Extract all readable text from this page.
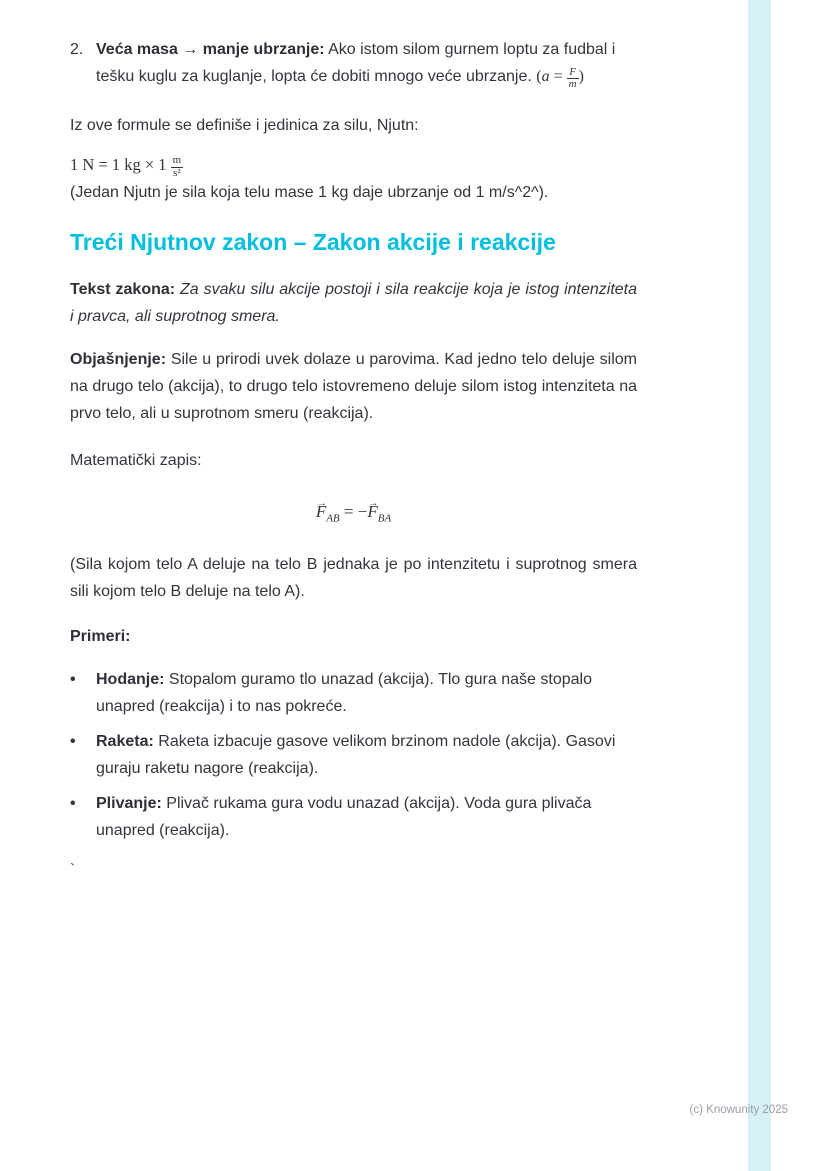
2. Veća masa → manje ubrzanje: Ako istom silom gurnem loptu za fudbal i tešku kuglu za kuglanje, lopta će dobiti mnogo veće ubrzanje. ($a = \frac{F}{m}$ )

Iz ove formule se definiše i jedinica za silu, Njutn:

1 N = 1 kg × $1 \frac{m}{\text{s²}}$

(Jedan Njutn je sila koja telu mase 1 kg daje ubrzanje od 1 m/s^2^).

Treći Njutnov zakon – Zakon akcije i reakcije

Tekst zakona: Za svaku silu akcije postoji i sila reakcije koja je istog intenziteta i pravca, ali suprotnog smera.

Objašnjenje: Sile u prirodi uvek dolaze u parovima. Kad jedno telo deluje silom na drugo telo (akcija), to drugo telo istovremeno deluje silom istog intenziteta na prvo telo, ali u suprotnom smeru (reakcija).

Matematički zapis:

→ $F_{AB}$ = −→ $F_{BA}$

(Sila kojom telo A deluje na telo B jednaka je po intenzitetu i suprotnog smera sili kojom telo B deluje na telo A).

Primeri:

•	Hodanje: Stopalom guramo tlo unazad (akcija). Tlo gura naše stopalo unapred (reakcija) i to nas pokreće.
•	Raketa: Raketa izbacuje gasove velikom brzinom nadole (akcija). Gasovi guraju raketu nagore (reakcija).
•	Plivanje: Plivač rukama gura vodu unazad (akcija). Voda gura plivača unapred (reakcija).
`
(c) Knowunity 2025
